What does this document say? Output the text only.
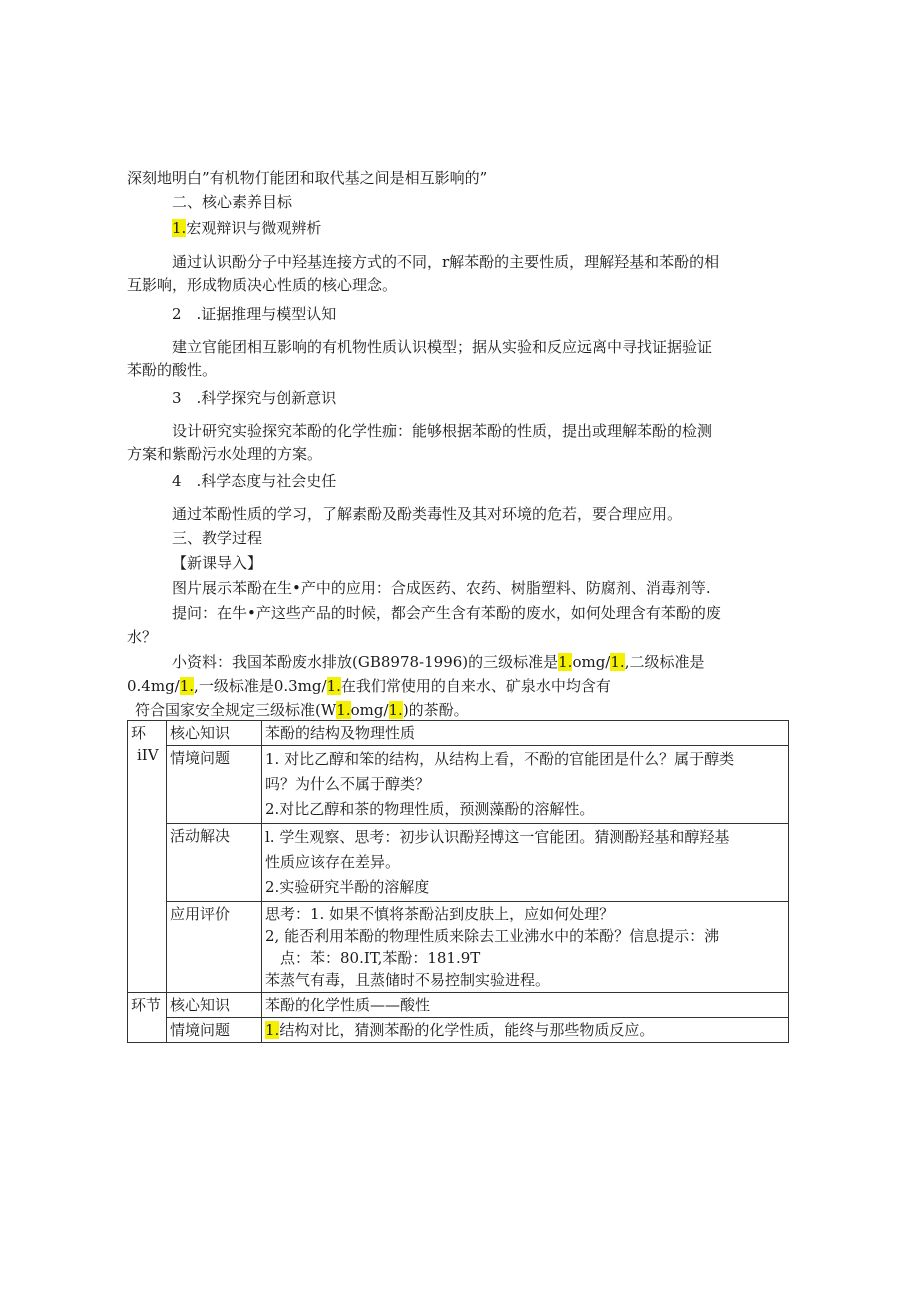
深刻地明白”有机物仃能团和取代基之间是相互影响的”
二、核心素养目标
1.宏观辩识与微观辨析
通过认识酚分子中羟基连接方式的不同，r解苯酚的主要性质，理解羟基和苯酚的相
互影响，形成物质决心性质的核心理念。
2　.证据推理与模型认知
建立官能团相互影响的有机物性质认识模型；据从实验和反应远离中寻找证据验证
苯酚的酸性。
3　.科学探究与创新意识
设计研究实验探究苯酚的化学性痂：能够根据苯酚的性质，提出或理解苯酚的检测
方案和紫酚污水处理的方案。
4　.科学态度与社会史任
通过苯酚性质的学习，了解素酚及酚类毒性及其对环境的危若，要合理应用。
三、教学过程
【新课导入】
图片展示苯酚在生•产中的应用：合成医药、农药、树脂塑料、防腐剂、消毒剂等.
提问：在牛•产这些产品的时候，都会产生含有苯酚的废水，如何处理含有苯酚的废
水？
小资料：我国苯酚废水排放(GB8978-1996)的三级标准是1.omg/1.,二级标准是
0.4mg/1.,一级标准是0.3mg/1.在我们常使用的自来水、矿泉水中均含有
符合国家安全规定三级标准(W1.omg/1.)的茶酚。
环
iIV	核心知识	苯酚的结构及物理性质
	情境问题	1. 对比乙醇和笨的结构，从结构上看，不酚的官能团是什么？属于醇类
吗？为什么不属于醇类？
2.对比乙醇和茶的物理性质，预测藻酚的溶解性。

	活动解决	l. 学生观察、思考：初步认识酚羟博这一官能团。猜测酚羟基和醇羟基
性质应该存在差异。
2.实验研究半酚的溶解度

	应用评价	思考：1. 如果不慎将茶酚沾到皮肤上，应如何处理？
2, 能否利用苯酚的物理性质来除去工业沸水中的苯酚？信息提示：沸
　点：苯：80.IT,苯酚：181.9T
苯蒸气有毒，且蒸储时不易控制实验进程。

环节	核心知识	苯酚的化学性质——酸性
	情境问题	1.结构对比，猜测苯酚的化学性质，能终与那些物质反应。
